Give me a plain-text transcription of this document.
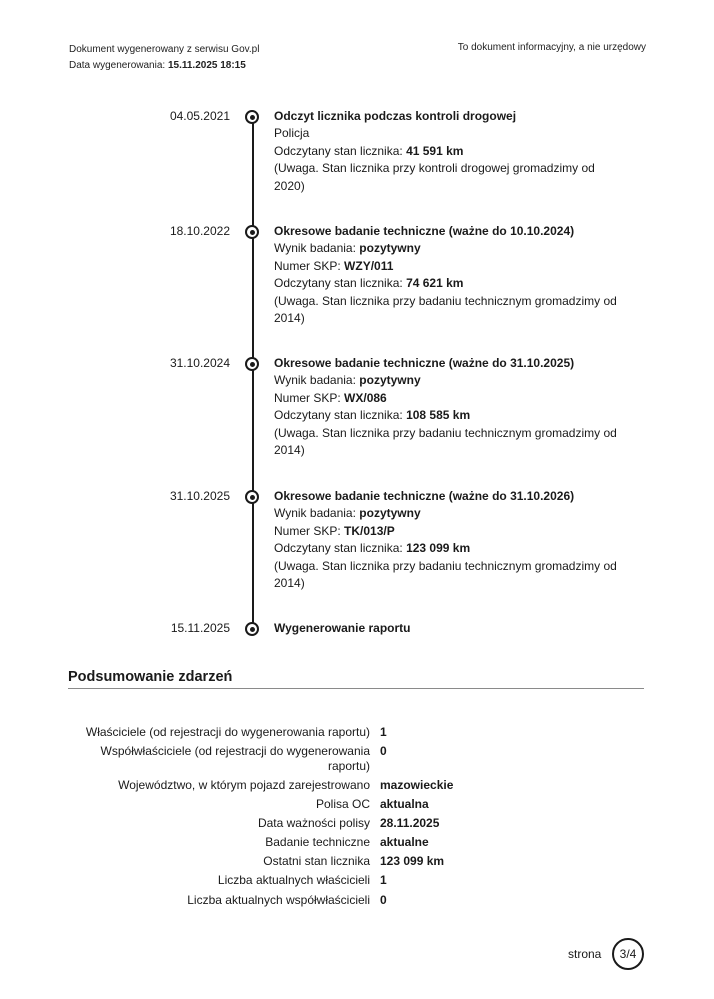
Dokument wygenerowany z serwisu Gov.pl
Data wygenerowania: 15.11.2025 18:15
To dokument informacyjny, a nie urzędowy
04.05.2021	Odczyt licznika podczas kontroli drogowej
Policja
Odczytany stan licznika: 41 591 km
(Uwaga. Stan licznika przy kontroli drogowej gromadzimy od 2020)
18.10.2022	Okresowe badanie techniczne (ważne do 10.10.2024)
Wynik badania: pozytywny
Numer SKP: WZY/011
Odczytany stan licznika: 74 621 km
(Uwaga. Stan licznika przy badaniu technicznym gromadzimy od 2014)
31.10.2024	Okresowe badanie techniczne (ważne do 31.10.2025)
Wynik badania: pozytywny
Numer SKP: WX/086
Odczytany stan licznika: 108 585 km
(Uwaga. Stan licznika przy badaniu technicznym gromadzimy od 2014)
31.10.2025	Okresowe badanie techniczne (ważne do 31.10.2026)
Wynik badania: pozytywny
Numer SKP: TK/013/P
Odczytany stan licznika: 123 099 km
(Uwaga. Stan licznika przy badaniu technicznym gromadzimy od 2014)
15.11.2025	Wygenerowanie raportu
Podsumowanie zdarzeń
Właściciele (od rejestracji do wygenerowania raportu) 1
Współwłaściciele (od rejestracji do wygenerowania raportu)
0
Województwo, w którym pojazd zarejestrowano mazowieckie
Polisa OC aktualna
Data ważności polisy 28.11.2025
Badanie techniczne aktualne
Ostatni stan licznika 123 099 km
Liczba aktualnych właścicieli 1
Liczba aktualnych współwłaścicieli 0
strona	3/4
